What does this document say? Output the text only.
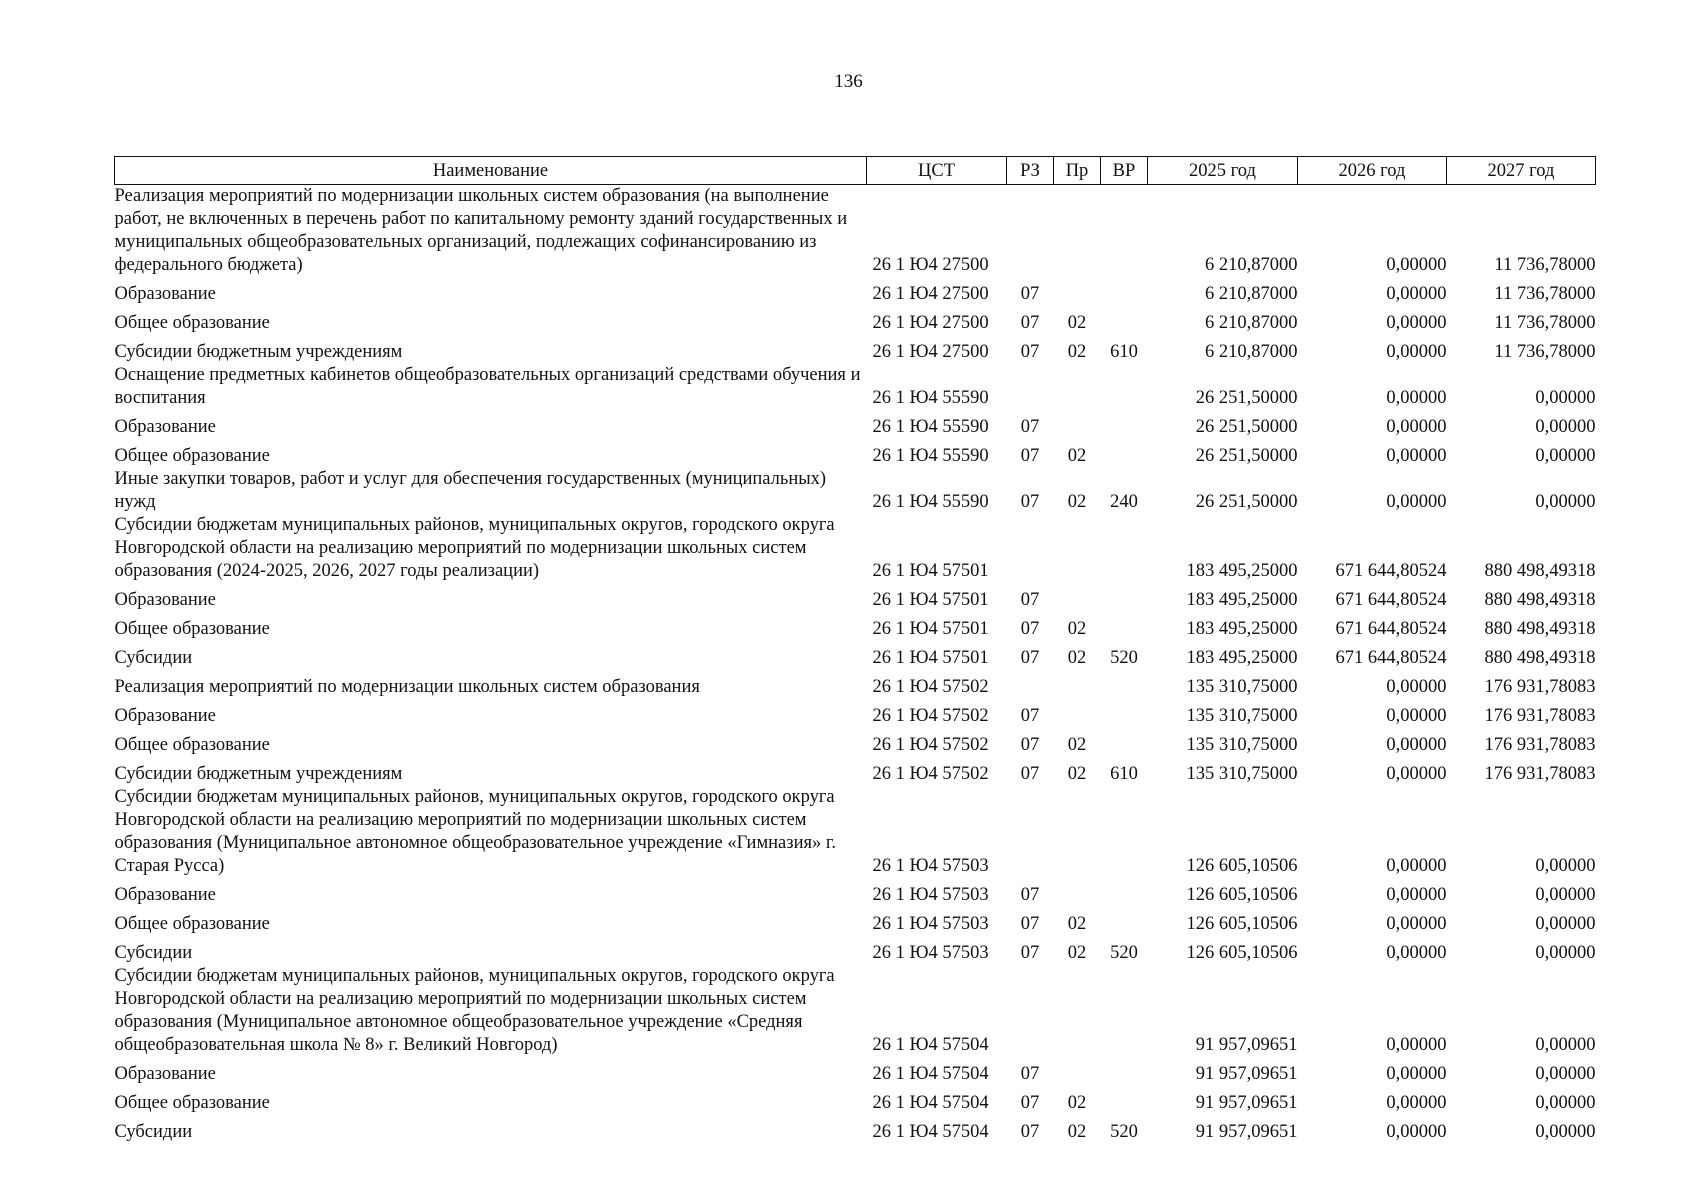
136
Наименование	ЦСТ	РЗ	Пр	ВР	2025 год	2026 год	2027 год
Реализация мероприятий по модернизации школьных систем образования (на выполнение работ, не включенных в перечень работ по капитальному ремонту зданий государственных и муниципальных общеобразовательных организаций, подлежащих софинансированию из федерального бюджета)	26 1 Ю4 27500				6 210,87000	0,00000	11 736,78000
Образование	26 1 Ю4 27500	07			6 210,87000	0,00000	11 736,78000
Общее образование	26 1 Ю4 27500	07	02		6 210,87000	0,00000	11 736,78000
Субсидии бюджетным учреждениям	26 1 Ю4 27500	07	02	610	6 210,87000	0,00000	11 736,78000
Оснащение предметных кабинетов общеобразовательных организаций средствами обучения и воспитания	26 1 Ю4 55590				26 251,50000	0,00000	0,00000
Образование	26 1 Ю4 55590	07			26 251,50000	0,00000	0,00000
Общее образование	26 1 Ю4 55590	07	02		26 251,50000	0,00000	0,00000
Иные закупки товаров, работ и услуг для обеспечения государственных (муниципальных) нужд	26 1 Ю4 55590	07	02	240	26 251,50000	0,00000	0,00000
Субсидии бюджетам муниципальных районов, муниципальных округов, городского округа Новгородской области на реализацию мероприятий по модернизации школьных систем образования (2024-2025, 2026, 2027 годы реализации)	26 1 Ю4 57501				183 495,25000	671 644,80524	880 498,49318
Образование	26 1 Ю4 57501	07			183 495,25000	671 644,80524	880 498,49318
Общее образование	26 1 Ю4 57501	07	02		183 495,25000	671 644,80524	880 498,49318
Субсидии	26 1 Ю4 57501	07	02	520	183 495,25000	671 644,80524	880 498,49318
Реализация мероприятий по модернизации школьных систем образования	26 1 Ю4 57502				135 310,75000	0,00000	176 931,78083
Образование	26 1 Ю4 57502	07			135 310,75000	0,00000	176 931,78083
Общее образование	26 1 Ю4 57502	07	02		135 310,75000	0,00000	176 931,78083
Субсидии бюджетным учреждениям	26 1 Ю4 57502	07	02	610	135 310,75000	0,00000	176 931,78083
Субсидии бюджетам муниципальных районов, муниципальных округов, городского округа Новгородской области на реализацию мероприятий по модернизации школьных систем образования (Муниципальное автономное общеобразовательное учреждение «Гимназия» г. Старая Русса)	26 1 Ю4 57503				126 605,10506	0,00000	0,00000
Образование	26 1 Ю4 57503	07			126 605,10506	0,00000	0,00000
Общее образование	26 1 Ю4 57503	07	02		126 605,10506	0,00000	0,00000
Субсидии	26 1 Ю4 57503	07	02	520	126 605,10506	0,00000	0,00000
Субсидии бюджетам муниципальных районов, муниципальных округов, городского округа Новгородской области на реализацию мероприятий по модернизации школьных систем образования (Муниципальное автономное общеобразовательное учреждение «Средняя общеобразовательная школа № 8» г. Великий Новгород)	26 1 Ю4 57504				91 957,09651	0,00000	0,00000
Образование	26 1 Ю4 57504	07			91 957,09651	0,00000	0,00000
Общее образование	26 1 Ю4 57504	07	02		91 957,09651	0,00000	0,00000
Субсидии	26 1 Ю4 57504	07	02	520	91 957,09651	0,00000	0,00000
